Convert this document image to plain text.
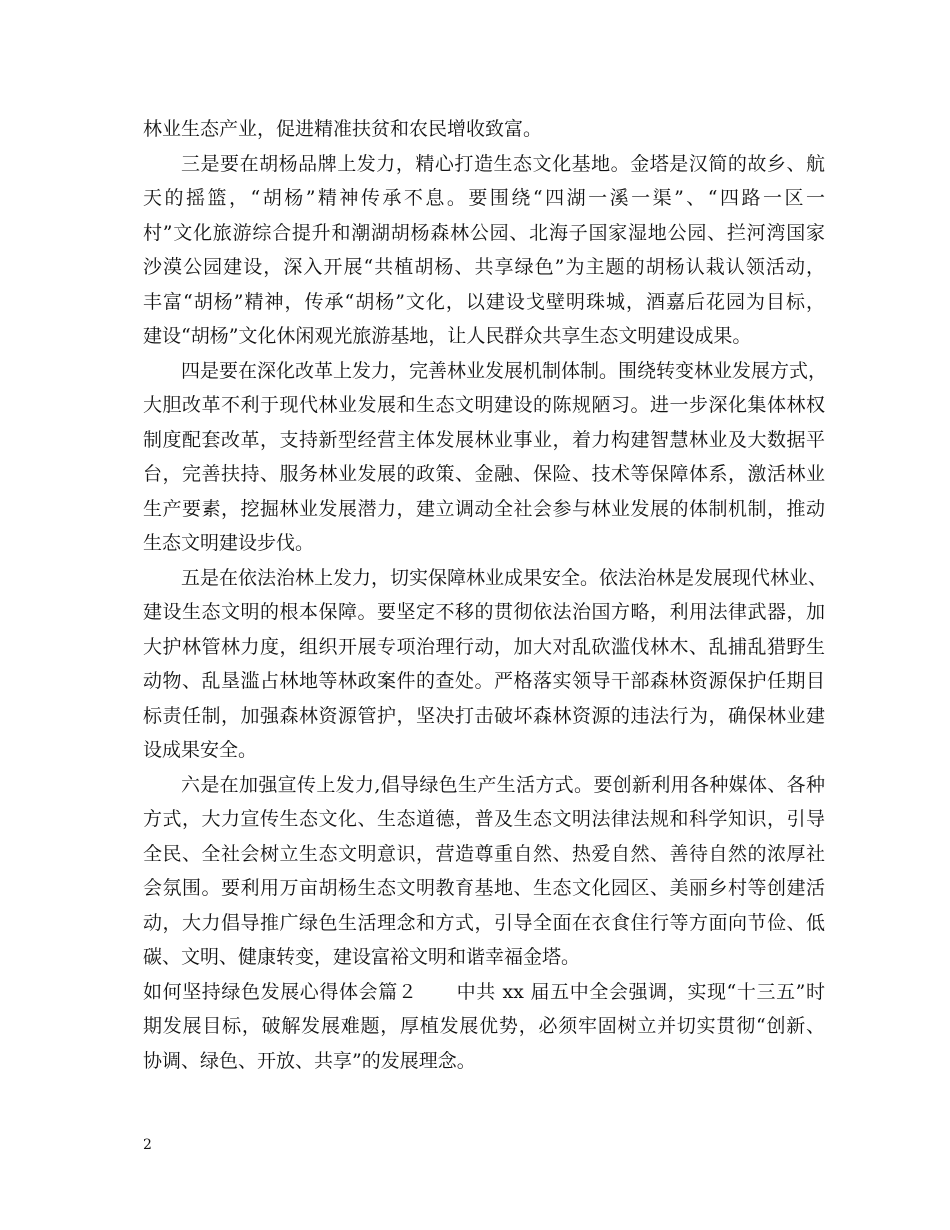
林业生态产业，促进精准扶贫和农民增收致富。
三是要在胡杨品牌上发力，精心打造生态文化基地。金塔是汉简的故乡、航
天的摇篮，“胡杨”精神传承不息。要围绕“四湖一溪一渠”、“四路一区一
村”文化旅游综合提升和潮湖胡杨森林公园、北海子国家湿地公园、拦河湾国家
沙漠公园建设，深入开展“共植胡杨、共享绿色”为主题的胡杨认栽认领活动，
丰富“胡杨”精神，传承“胡杨”文化，以建设戈壁明珠城，酒嘉后花园为目标，
建设“胡杨”文化休闲观光旅游基地，让人民群众共享生态文明建设成果。
四是要在深化改革上发力，完善林业发展机制体制。围绕转变林业发展方式，
大胆改革不利于现代林业发展和生态文明建设的陈规陋习。进一步深化集体林权
制度配套改革，支持新型经营主体发展林业事业，着力构建智慧林业及大数据平
台，完善扶持、服务林业发展的政策、金融、保险、技术等保障体系，激活林业
生产要素，挖掘林业发展潜力，建立调动全社会参与林业发展的体制机制，推动
生态文明建设步伐。
五是在依法治林上发力，切实保障林业成果安全。依法治林是发展现代林业、
建设生态文明的根本保障。要坚定不移的贯彻依法治国方略，利用法律武器，加
大护林管林力度，组织开展专项治理行动，加大对乱砍滥伐林木、乱捕乱猎野生
动物、乱垦滥占林地等林政案件的查处。严格落实领导干部森林资源保护任期目
标责任制，加强森林资源管护，坚决打击破坏森林资源的违法行为，确保林业建
设成果安全。
六是在加强宣传上发力,倡导绿色生产生活方式。要创新利用各种媒体、各种
方式，大力宣传生态文化、生态道德，普及生态文明法律法规和科学知识，引导
全民、全社会树立生态文明意识，营造尊重自然、热爱自然、善待自然的浓厚社
会氛围。要利用万亩胡杨生态文明教育基地、生态文化园区、美丽乡村等创建活
动，大力倡导推广绿色生活理念和方式，引导全面在衣食住行等方面向节俭、低
碳、文明、健康转变，建设富裕文明和谐幸福金塔。
如何坚持绿色发展心得体会篇２　　中共 xx 届五中全会强调，实现“十三五”时
期发展目标，破解发展难题，厚植发展优势，必须牢固树立并切实贯彻“创新、
协调、绿色、开放、共享”的发展理念。
2
